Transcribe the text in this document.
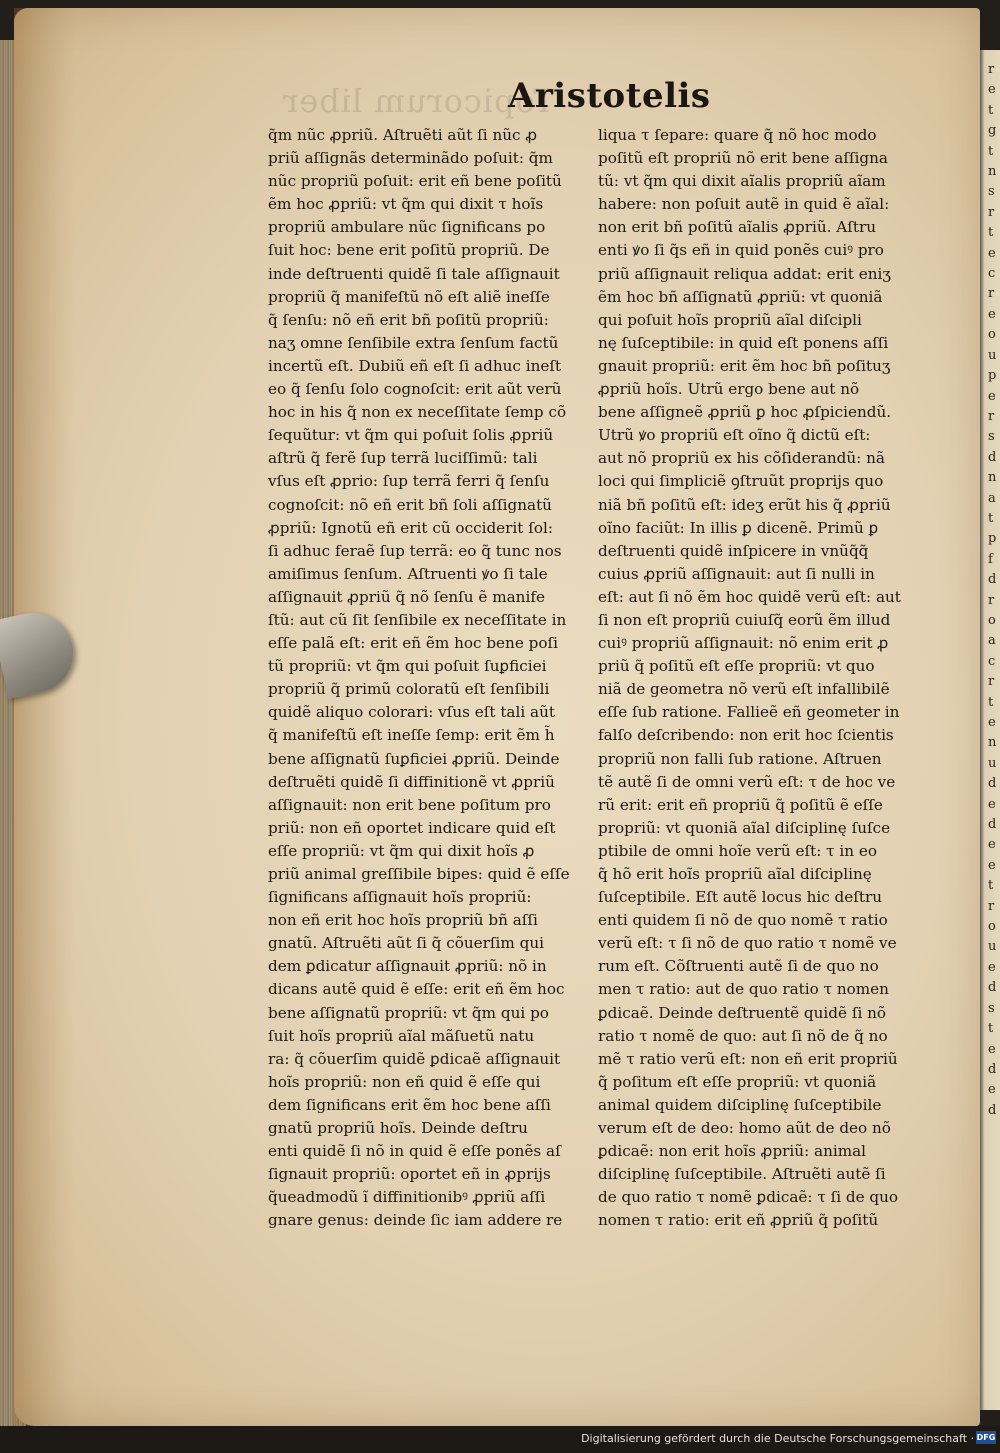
r
e
t
g
t
n
s
r
t
e
c
r
e
o
u
p
e
r
s
d
n
a
t
p
f
d
r
o
a
c
r
t
e
n
u
d
e
d
e
e
t
r
o
u
e
d
s
t
e
d
e
d
Topicorum liber
Aristotelis
q̃m nũc ꝓpriũ. Aſtruẽti aũt ſi nũc ꝓ
priũ aſſignãs determinãdo poſuit: q̃m
nũc propriũ poſuit: erit eñ bene poſitũ
ẽm hoc ꝓpriũ: vt q̃m qui dixit τ hoĩs
propriũ ambulare nũc ſignificans po
ſuit hoc: bene erit poſitũ propriũ. De
inde deſtruenti quidẽ ſi tale aſſignauit
propriũ q̃ manifeſtũ nõ eſt aliẽ ineſſe
q̃ ſenſu: nõ eñ erit bñ poſitũ propriũ:
naʒ omne ſenſibile extra ſenſum factũ
incertũ eſt. Dubiũ eñ eſt ſi adhuc ineſt
eo q̃ ſenſu ſolo cognoſcit: erit aũt verũ
hoc in his q̃ non ex neceſſitate ſemp cõ
ſequũtur: vt q̃m qui poſuit ſolis ꝓpriũ
aſtrũ q̃ ferẽ ſup terrã luciſſimũ: tali
vſus eſt ꝓprio: ſup terrã ferri q̃ ſenſu
cognoſcit: nõ eñ erit bñ ſoli aſſignatũ
ꝓpriũ: Ignotũ eñ erit cũ occiderit ſol:
ſi adhuc feraẽ ſup terrã: eo q̃ tunc nos
amiſimus ſenſum. Aſtruenti ꝟo ſi tale
aſſignauit ꝓpriũ q̃ nõ ſenſu ẽ manife
ſtũ: aut cũ ſit ſenſibile ex neceſſitate in
eſſe palã eſt: erit eñ ẽm hoc bene poſi
tũ propriũ: vt q̃m qui poſuit ſuꝑficiei
propriũ q̃ primũ coloratũ eſt ſenſibili
quidẽ aliquo colorari: vſus eſt tali aũt
q̃ manifeſtũ eſt ineſſe ſemp: erit ẽm h̃
bene aſſignatũ ſuꝑficiei ꝓpriũ. Deinde
deſtruẽti quidẽ ſi diffinitionẽ vt ꝓpriũ
aſſignauit: non erit bene poſitum pro
priũ: non eñ oportet indicare quid eſt
eſſe propriũ: vt q̃m qui dixit hoĩs ꝓ
priũ animal greſſibile bipes: quid ẽ eſſe
ſignificans aſſignauit hoĩs propriũ:
non eñ erit hoc hoĩs propriũ bñ aſſi
gnatũ. Aſtruẽti aũt ſi q̃ cõuerſim qui
dem ꝑdicatur aſſignauit ꝓpriũ: nõ in
dicans autẽ quid ẽ eſſe: erit eñ ẽm hoc
bene aſſignatũ propriũ: vt q̃m qui po
ſuit hoĩs propriũ aĩal mãſuetũ natu
ra: q̃ cõuerſim quidẽ ꝑdicaẽ aſſignauit
hoĩs propriũ: non eñ quid ẽ eſſe qui
dem ſignificans erit ẽm hoc bene aſſi
gnatũ propriũ hoĩs. Deinde deſtru
enti quidẽ ſi nõ in quid ẽ eſſe ponẽs aſ
ſignauit propriũ: oportet eñ in ꝓprijs
q̃ueadmodũ ĩ diffinitionibꝰ ꝓpriũ aſſi
gnare genus: deinde ſic iam addere re
liqua τ ſepare: quare q̃ nõ hoc modo
poſitũ eſt propriũ nõ erit bene aſſigna
tũ: vt q̃m qui dixit aĩalis propriũ aĩam
habere: non poſuit autẽ in quid ẽ aĩal:
non erit bñ poſitũ aĩalis ꝓpriũ. Aſtru
enti ꝟo ſi q̃s eñ in quid ponẽs cuiꝰ pro
priũ aſſignauit reliqua addat: erit eniʒ
ẽm hoc bñ aſſignatũ ꝓpriũ: vt quoniã
qui poſuit hoĩs propriũ aĩal diſcipli
nę ſuſceptibile: in quid eſt ponens aſſi
gnauit propriũ: erit ẽm hoc bñ poſituʒ
ꝓpriũ hoĩs. Utrũ ergo bene aut nõ
bene aſſigneẽ ꝓpriũ ꝑ hoc ꝓſpiciendũ.
Utrũ ꝟo propriũ eſt oĩno q̃ dictũ eſt:
aut nõ propriũ ex his cõſiderandũ: nã
loci qui ſimpliciẽ ꝯſtruũt proprijs quo
niã bñ poſitũ eſt: ideʒ erũt his q̃ ꝓpriũ
oĩno faciũt: In illis ꝑ dicenẽ. Primũ ꝑ
deſtruenti quidẽ inſpicere in vnũq̃q̃
cuius ꝓpriũ aſſignauit: aut ſi nulli in
eſt: aut ſi nõ ẽm hoc quidẽ verũ eſt: aut
ſi non eſt propriũ cuiuſq̃ eorũ ẽm illud
cuiꝰ propriũ aſſignauit: nõ enim erit ꝓ
priũ q̃ poſitũ eſt eſſe propriũ: vt quo
niã de geometra nõ verũ eſt infallibilẽ
eſſe ſub ratione. Fallieẽ eñ geometer in
falſo deſcribendo: non erit hoc ſcientis
propriũ non falli ſub ratione. Aſtruen
tẽ autẽ ſi de omni verũ eſt: τ de hoc ve
rũ erit: erit eñ propriũ q̃ poſitũ ẽ eſſe
propriũ: vt quoniã aĩal diſciplinę ſuſce
ptibile de omni hoĩe verũ eſt: τ in eo
q̃ hõ erit hoĩs propriũ aĩal diſciplinę
ſuſceptibile. Eſt autẽ locus hic deſtru
enti quidem ſi nõ de quo nomẽ τ ratio
verũ eſt: τ ſi nõ de quo ratio τ nomẽ ve
rum eſt. Cõſtruenti autẽ ſi de quo no
men τ ratio: aut de quo ratio τ nomen
ꝑdicaẽ. Deinde deſtruentẽ quidẽ ſi nõ
ratio τ nomẽ de quo: aut ſi nõ de q̃ no
mẽ τ ratio verũ eſt: non eñ erit propriũ
q̃ poſitum eſt eſſe propriũ: vt quoniã
animal quidem diſciplinę ſuſceptibile
verum eſt de deo: homo aũt de deo nõ
ꝑdicaẽ: non erit hoĩs ꝓpriũ: animal
diſciplinę ſuſceptibile. Aſtruẽti autẽ ſi
de quo ratio τ nomẽ ꝑdicaẽ: τ ſi de quo
nomen τ ratio: erit eñ ꝓpriũ q̃ poſitũ
Digitalisierung gefördert durch die Deutsche Forschungsgemeinschaft · DFG
